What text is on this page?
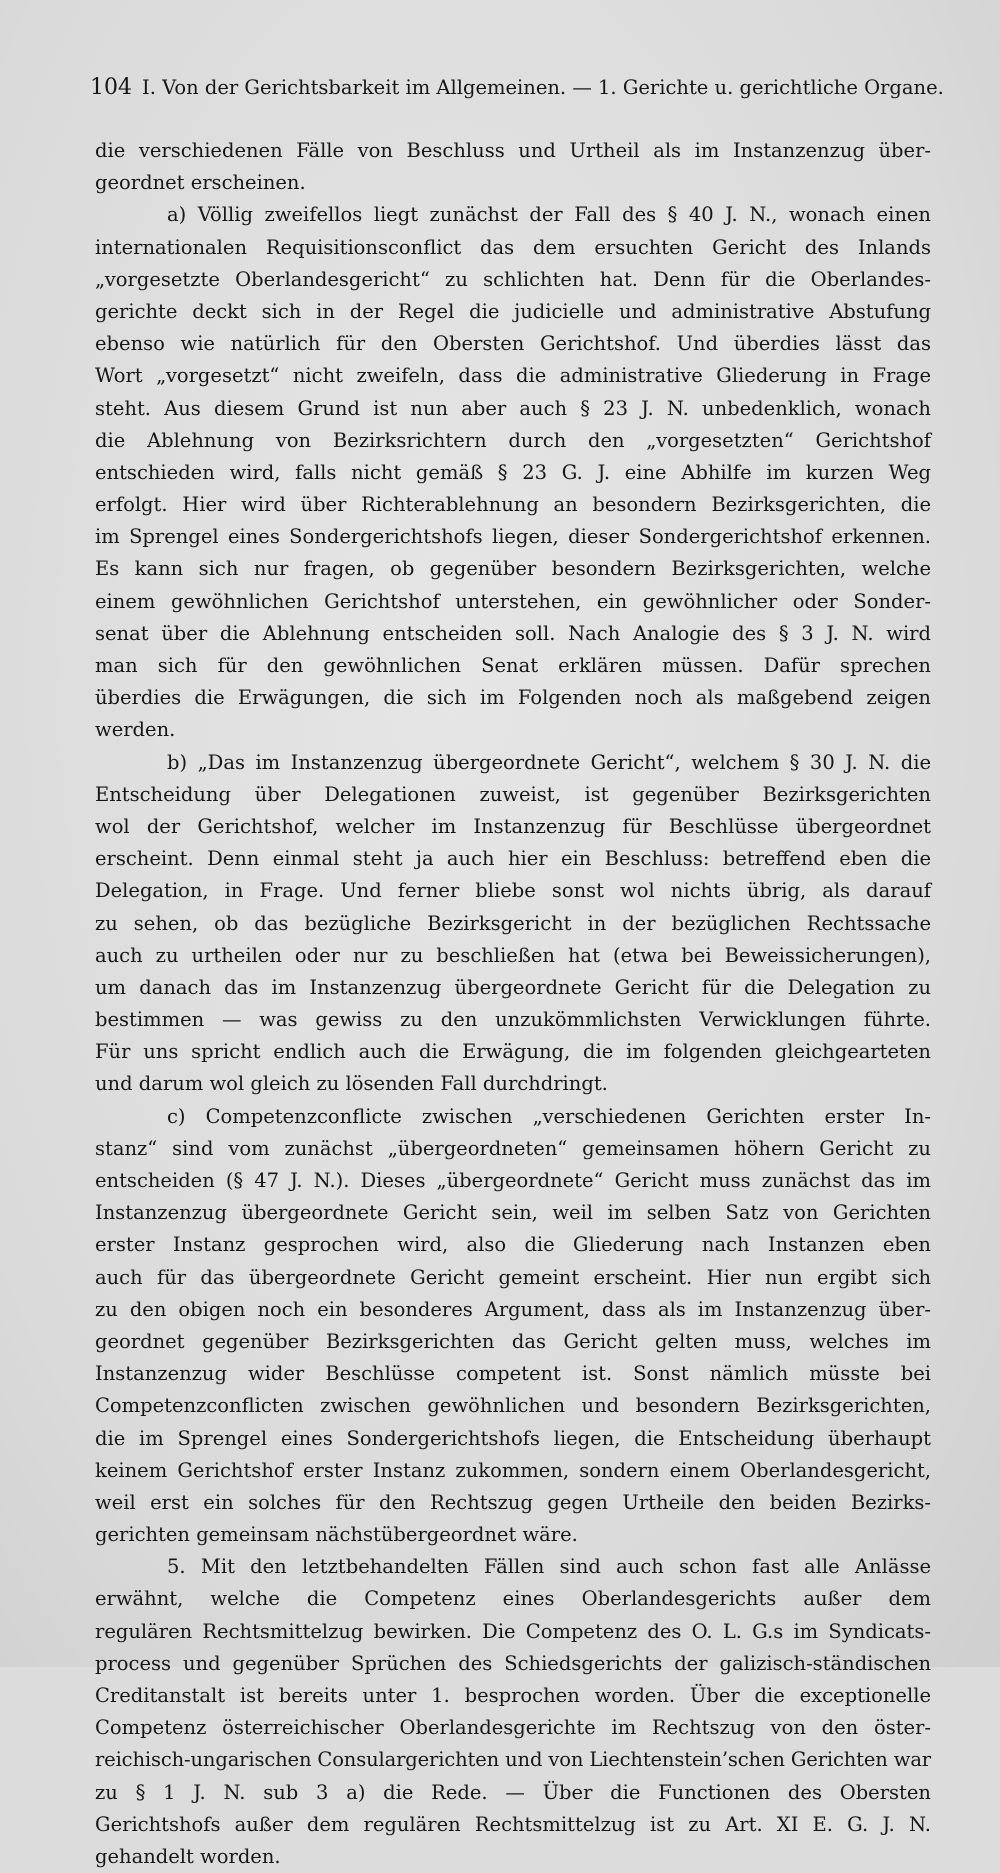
104 I. Von der Gerichtsbarkeit im Allgemeinen. — 1. Gerichte u. gerichtliche Organe.
die verschiedenen Fälle von Beschluss und Urtheil als im Instanzenzug über-
geordnet erscheinen.
a) Völlig zweifellos liegt zunächst der Fall des § 40 J. N., wonach einen
internationalen Requisitionsconflict das dem ersuchten Gericht des Inlands
„vorgesetzte Oberlandesgericht“ zu schlichten hat. Denn für die Oberlandes-
gerichte deckt sich in der Regel die judicielle und administrative Abstufung
ebenso wie natürlich für den Obersten Gerichtshof. Und überdies lässt das
Wort „vorgesetzt“ nicht zweifeln, dass die administrative Gliederung in Frage
steht. Aus diesem Grund ist nun aber auch § 23 J. N. unbedenklich, wonach
die Ablehnung von Bezirksrichtern durch den „vorgesetzten“ Gerichtshof
entschieden wird, falls nicht gemäß § 23 G. J. eine Abhilfe im kurzen Weg
erfolgt. Hier wird über Richterablehnung an besondern Bezirksgerichten, die
im Sprengel eines Sondergerichtshofs liegen, dieser Sondergerichtshof erkennen.
Es kann sich nur fragen, ob gegenüber besondern Bezirksgerichten, welche
einem gewöhnlichen Gerichtshof unterstehen, ein gewöhnlicher oder Sonder-
senat über die Ablehnung entscheiden soll. Nach Analogie des § 3 J. N. wird
man sich für den gewöhnlichen Senat erklären müssen. Dafür sprechen
überdies die Erwägungen, die sich im Folgenden noch als maßgebend zeigen
werden.
b) „Das im Instanzenzug übergeordnete Gericht“, welchem § 30 J. N. die
Entscheidung über Delegationen zuweist, ist gegenüber Bezirksgerichten
wol der Gerichtshof, welcher im Instanzenzug für Beschlüsse übergeordnet
erscheint. Denn einmal steht ja auch hier ein Beschluss: betreffend eben die
Delegation, in Frage. Und ferner bliebe sonst wol nichts übrig, als darauf
zu sehen, ob das bezügliche Bezirksgericht in der bezüglichen Rechtssache
auch zu urtheilen oder nur zu beschließen hat (etwa bei Beweissicherungen),
um danach das im Instanzenzug übergeordnete Gericht für die Delegation zu
bestimmen — was gewiss zu den unzukömmlichsten Verwicklungen führte.
Für uns spricht endlich auch die Erwägung, die im folgenden gleichgearteten
und darum wol gleich zu lösenden Fall durchdringt.
c) Competenzconflicte zwischen „verschiedenen Gerichten erster In-
stanz“ sind vom zunächst „übergeordneten“ gemeinsamen höhern Gericht zu
entscheiden (§ 47 J. N.). Dieses „übergeordnete“ Gericht muss zunächst das im
Instanzenzug übergeordnete Gericht sein, weil im selben Satz von Gerichten
erster Instanz gesprochen wird, also die Gliederung nach Instanzen eben
auch für das übergeordnete Gericht gemeint erscheint. Hier nun ergibt sich
zu den obigen noch ein besonderes Argument, dass als im Instanzenzug über-
geordnet gegenüber Bezirksgerichten das Gericht gelten muss, welches im
Instanzenzug wider Beschlüsse competent ist. Sonst nämlich müsste bei
Competenzconflicten zwischen gewöhnlichen und besondern Bezirksgerichten,
die im Sprengel eines Sondergerichtshofs liegen, die Entscheidung überhaupt
keinem Gerichtshof erster Instanz zukommen, sondern einem Oberlandesgericht,
weil erst ein solches für den Rechtszug gegen Urtheile den beiden Bezirks-
gerichten gemeinsam nächstübergeordnet wäre.
5. Mit den letztbehandelten Fällen sind auch schon fast alle Anlässe
erwähnt, welche die Competenz eines Oberlandesgerichts außer dem
regulären Rechtsmittelzug bewirken. Die Competenz des O. L. G.s im Syndicats-
process und gegenüber Sprüchen des Schiedsgerichts der galizisch-ständischen
Creditanstalt ist bereits unter 1. besprochen worden. Über die exceptionelle
Competenz österreichischer Oberlandesgerichte im Rechtszug von den öster-
reichisch-ungarischen Consulargerichten und von Liechtenstein’schen Gerichten war
zu § 1 J. N. sub 3 a) die Rede. — Über die Functionen des Obersten
Gerichtshofs außer dem regulären Rechtsmittelzug ist zu Art. XI E. G. J. N.
gehandelt worden.
